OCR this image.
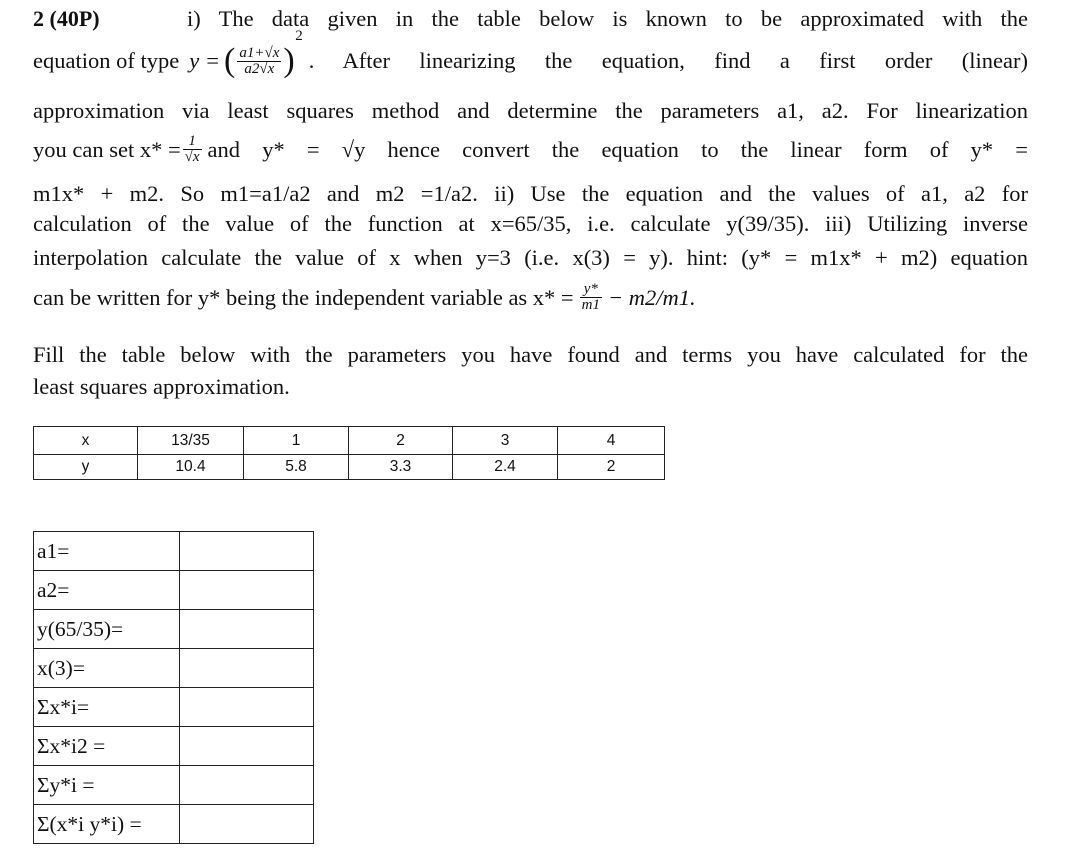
2 (40P)	i) The data given in the table below is known to be approximated with the
equation of type y = ( $\frac{a1+√x}{a2√x}$ )
2
. After linearizing the equation, find a first order (linear)
approximation via least squares method and determine the parameters a1, a2. For linearization
you can set $x* = \frac{1}{√x}$ and y* = √y hence convert the equation to the linear form of y* =
m1x* + m2. So m1=a1/a2 and m2 =1/a2. ii) Use the equation and the values of a1, a2 for
calculation of the value of the function at x=65/35, i.e. calculate y(39/35). iii) Utilizing inverse
interpolation calculate the value of x when y=3 (i.e. x(3) = y). hint: (y* = m1x* + m2) equation
can be written for y* being the independent variable as $x* = \frac{y*}{m1} - m2/m1$.
Fill the table below with the parameters you have found and terms you have calculated for the
least squares approximation.
x	13/35	1	2	3	4
y	10.4	5.8	3.3	2.4	2
a1=	
a2=	
y(65/35)=	
x(3)=	
Σx*i=	
Σx*i2 =	
Σy*i =	
Σ(x*i y*i) =	
